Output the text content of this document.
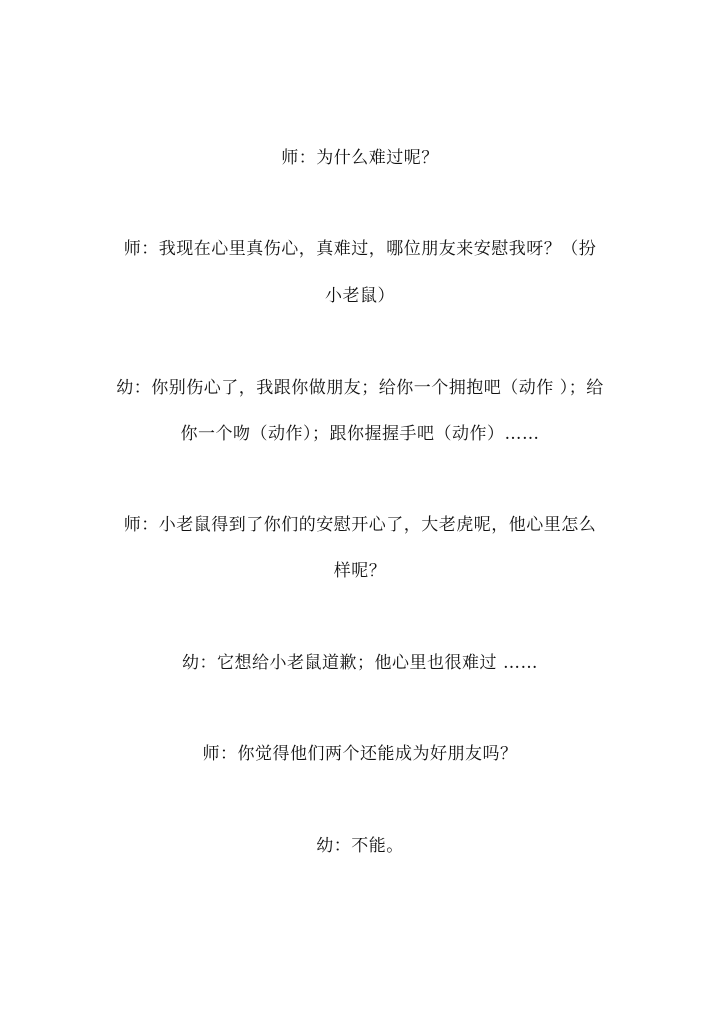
师：为什么难过呢？
师：我现在心里真伤心，真难过，哪位朋友来安慰我呀？（扮
小老鼠）
幼：你别伤心了，我跟你做朋友；给你一个拥抱吧（动作 ）；给
你一个吻（动作）；跟你握握手吧（动作）……
师：小老鼠得到了你们的安慰开心了，大老虎呢，他心里怎么
样呢？
幼：它想给小老鼠道歉；他心里也很难过 ……
师：你觉得他们两个还能成为好朋友吗？
幼：不能。
